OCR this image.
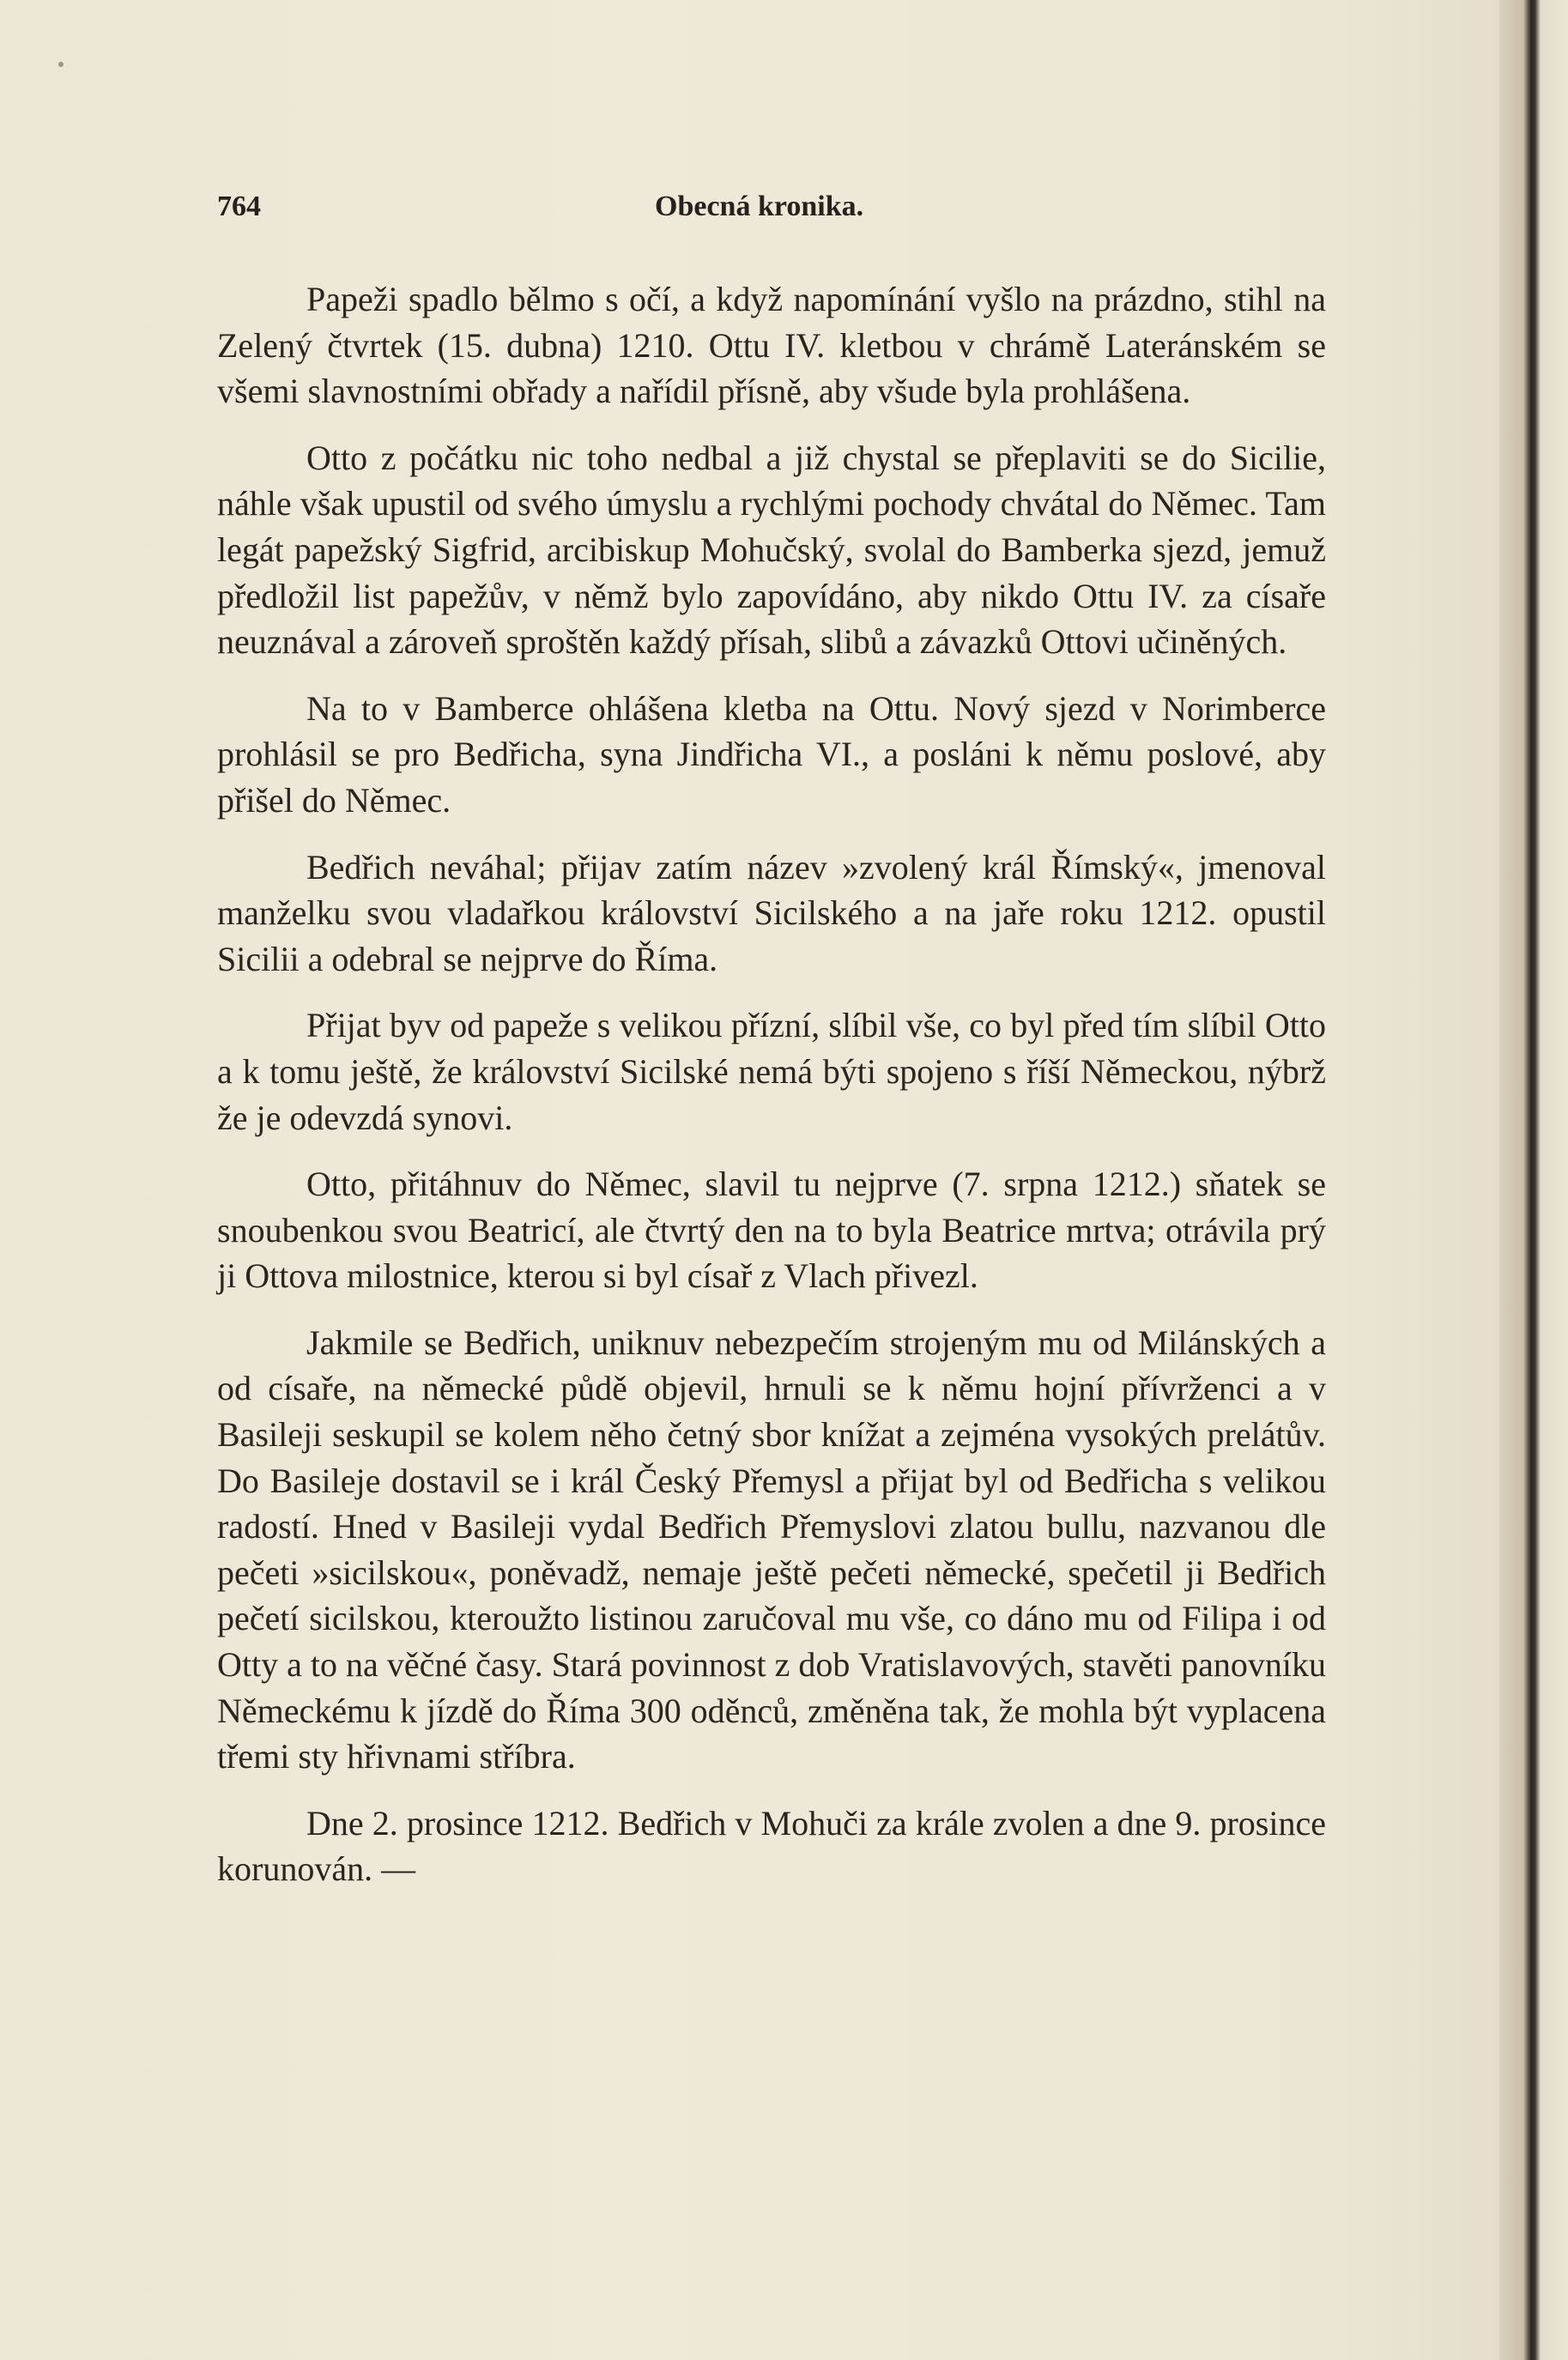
764	Obecná kronika.

Papeži spadlo bělmo s očí, a když napomínání vyšlo na prázdno, stihl na Zelený čtvrtek (15. dubna) 1210. Ottu IV. kletbou v chrámě Lateránském se všemi slavnostními obřady a nařídil přísně, aby všude byla prohlášena.

Otto z počátku nic toho nedbal a již chystal se přeplaviti se do Sicilie, náhle však upustil od svého úmyslu a rychlými pochody chvátal do Němec. Tam legát papežský Sigfrid, arcibiskup Mohučský, svolal do Bamberka sjezd, jemuž předložil list papežův, v němž bylo zapovídáno, aby nikdo Ottu IV. za císaře neuznával a zároveň sproštěn každý přísah, slibů a závazků Ottovi učiněných.

Na to v Bamberce ohlášena kletba na Ottu. Nový sjezd v Norimberce prohlásil se pro Bedřicha, syna Jindřicha VI., a posláni k němu poslové, aby přišel do Němec.

Bedřich neváhal; přijav zatím název »zvolený král Římský«, jmenoval manželku svou vladařkou království Sicilského a na jaře roku 1212. opustil Sicilii a odebral se nejprve do Říma.

Přijat byv od papeže s velikou přízní, slíbil vše, co byl před tím slíbil Otto a k tomu ještě, že království Sicilské nemá býti spojeno s říší Německou, nýbrž že je odevzdá synovi.

Otto, přitáhnuv do Němec, slavil tu nejprve (7. srpna 1212.) sňatek se snoubenkou svou Beatricí, ale čtvrtý den na to byla Beatrice mrtva; otrávila prý ji Ottova milostnice, kterou si byl císař z Vlach přivezl.

Jakmile se Bedřich, uniknuv nebezpečím strojeným mu od Milánských a od císaře, na německé půdě objevil, hrnuli se k němu hojní přívrženci a v Basileji seskupil se kolem něho četný sbor knížat a zejména vysokých prelátův. Do Basileje dostavil se i král Český Přemysl a přijat byl od Bedřicha s velikou radostí. Hned v Basileji vydal Bedřich Přemyslovi zlatou bullu, nazvanou dle pečeti »sicilskou«, poněvadž, nemaje ještě pečeti německé, spečetil ji Bedřich pečetí sicilskou, kteroužto listinou zaručoval mu vše, co dáno mu od Filipa i od Otty a to na věčné časy. Stará povinnost z dob Vratislavových, stavěti panovníku Německému k jízdě do Říma 300 oděnců, změněna tak, že mohla být vyplacena třemi sty hřivnami stříbra.

Dne 2. prosince 1212. Bedřich v Mohuči za krále zvolen a dne 9. prosince korunován. —
